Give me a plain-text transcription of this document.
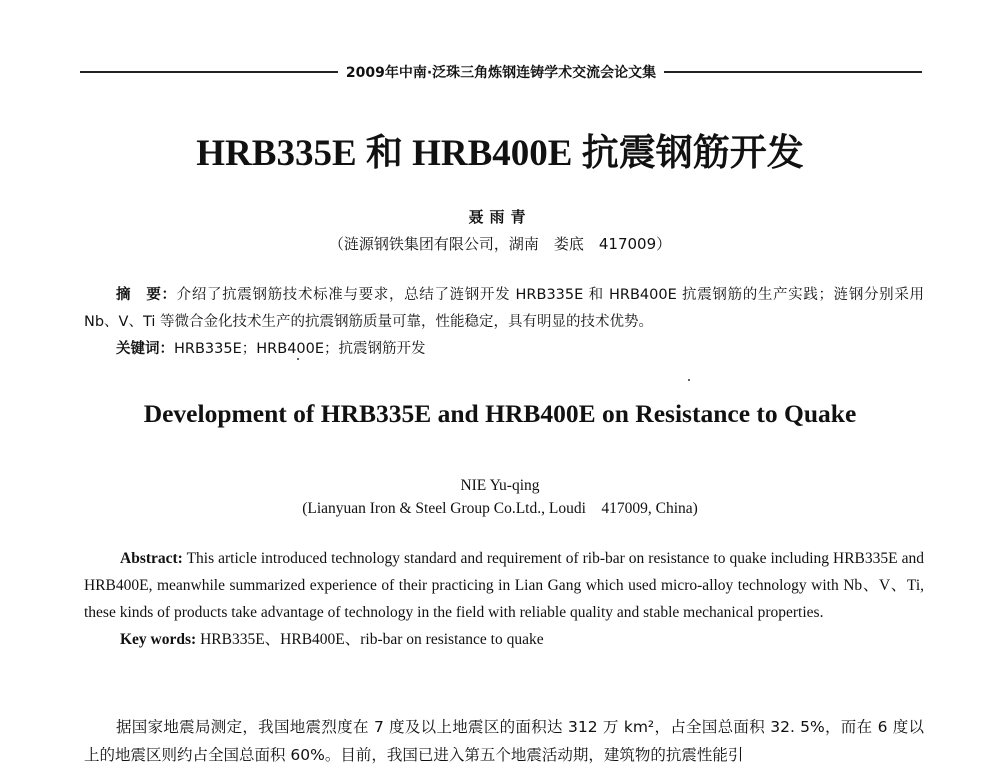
2009年中南·泛珠三角炼钢连铸学术交流会论文集
HRB335E 和 HRB400E 抗震钢筋开发
聂雨青
（涟源钢铁集团有限公司，湖南　娄底　417009）

摘　要：介绍了抗震钢筋技术标准与要求，总结了涟钢开发 HRB335E 和 HRB400E 抗震钢筋的生产实践；涟钢分别采用 Nb、V、Ti 等微合金化技术生产的抗震钢筋质量可靠，性能稳定，具有明显的技术优势。

关键词：HRB335E；HRB400E；抗震钢筋开发

Development of HRB335E and HRB400E on Resistance to Quake
NIE Yu-qing
(Lianyuan Iron & Steel Group Co.Ltd., Loudi    417009, China)

Abstract: This article introduced technology standard and requirement of rib-bar on resistance to quake including HRB335E and HRB400E, meanwhile summarized experience of their practicing in Lian Gang which used micro-alloy technology with Nb、V、Ti, these kinds of products take advantage of technology in the field with reliable quality and stable mechanical properties.

Key words: HRB335E、HRB400E、rib-bar on resistance to quake

据国家地震局测定，我国地震烈度在 7 度及以上地震区的面积达 312 万 km²，占全国总面积 32. 5%，而在 6 度以上的地震区则约占全国总面积 60%。目前，我国已进入第五个地震活动期，建筑物的抗震性能引
